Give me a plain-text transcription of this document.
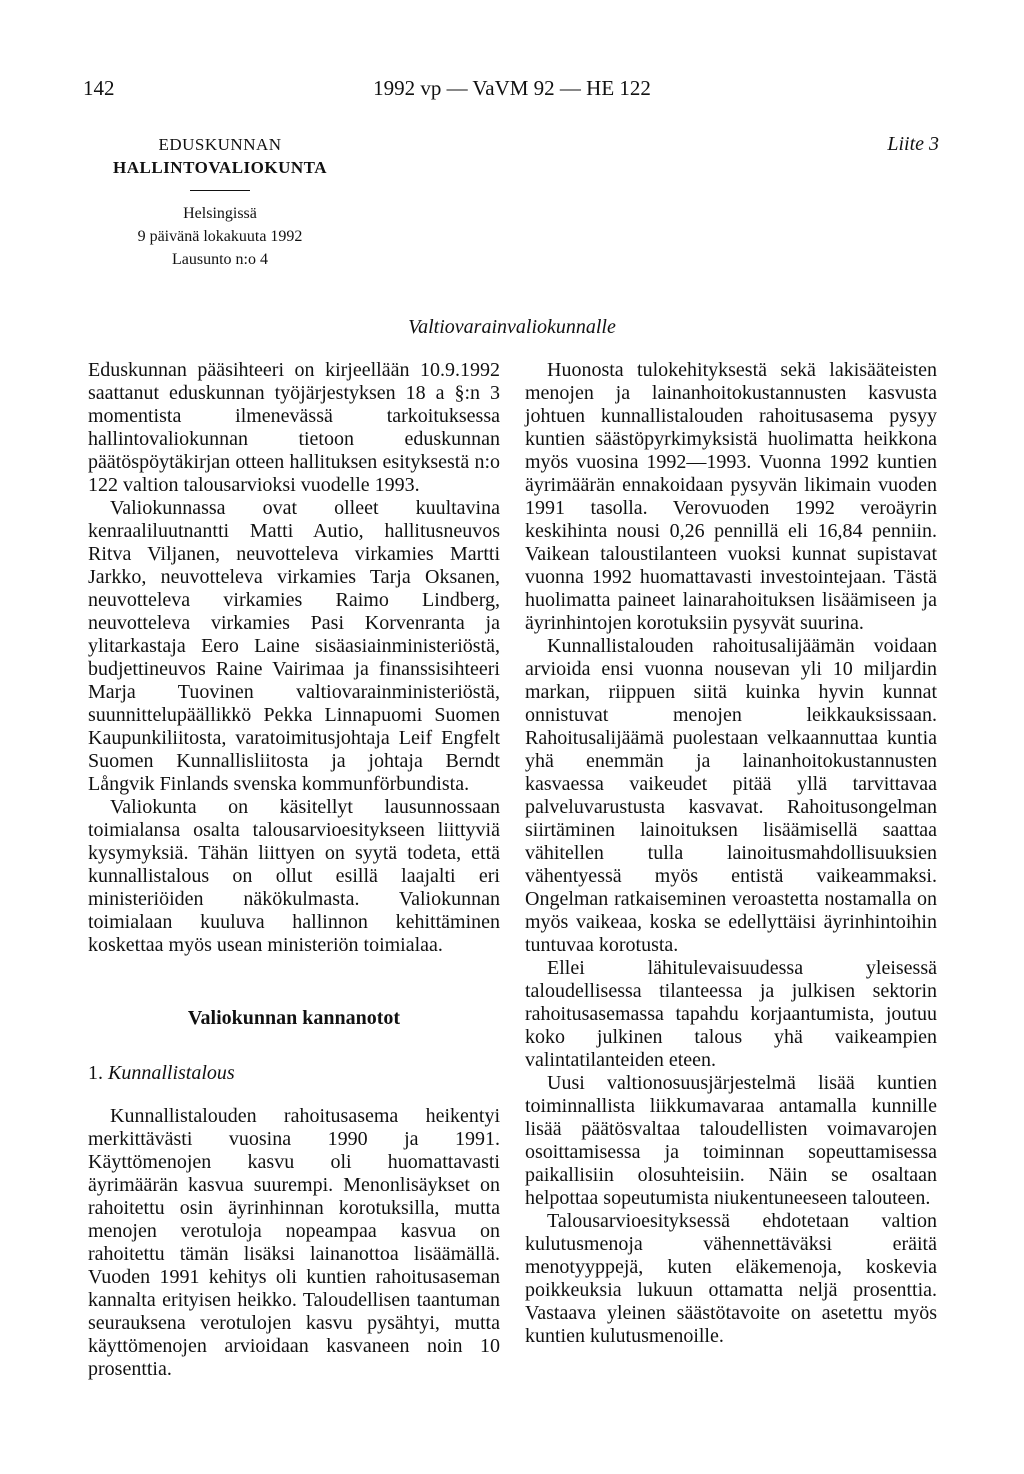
142	1992 vp — VaVM 92 — HE 122
EDUSKUNNAN
HALLINTOVALIOKUNTA
Helsingissä
9 päivänä lokakuuta 1992
Lausunto n:o 4
Liite 3
Valtiovarainvaliokunnalle

Eduskunnan pääsihteeri on kirjeellään 10.9.1992 saattanut eduskunnan työjärjestyksen 18 a §:n 3 momentista ilmenevässä tarkoituksessa hallintovaliokunnan tietoon eduskunnan päätöspöytäkirjan otteen hallituksen esityksestä n:o 122 valtion talousarvioksi vuodelle 1993.

Valiokunnassa ovat olleet kuultavina kenraaliluutnantti Matti Autio, hallitusneuvos Ritva Viljanen, neuvotteleva virkamies Martti Jarkko, neuvotteleva virkamies Tarja Oksanen, neuvotteleva virkamies Raimo Lindberg, neuvotteleva virkamies Pasi Korvenranta ja ylitarkastaja Eero Laine sisäasiainministeriöstä, budjettineuvos Raine Vairimaa ja finanssisihteeri Marja Tuovinen valtiovarainministeriöstä, suunnittelupäällikkö Pekka Linnapuomi Suomen Kaupunkiliitosta, varatoimitusjohtaja Leif Engfelt Suomen Kunnallisliitosta ja johtaja Berndt Långvik Finlands svenska kommunförbundista.

Valiokunta on käsitellyt lausunnossaan toimialansa osalta talousarvioesitykseen liittyviä kysymyksiä. Tähän liittyen on syytä todeta, että kunnallistalous on ollut esillä laajalti eri ministeriöiden näkökulmasta. Valiokunnan toimialaan kuuluva hallinnon kehittäminen koskettaa myös usean ministeriön toimialaa.

Valiokunnan kannanotot
1. Kunnallistalous

Kunnallistalouden rahoitusasema heikentyi merkittävästi vuosina 1990 ja 1991. Käyttömenojen kasvu oli huomattavasti äyrimäärän kasvua suurempi. Menonlisäykset on rahoitettu osin äyrinhinnan korotuksilla, mutta menojen verotuloja nopeampaa kasvua on rahoitettu tämän lisäksi lainanottoa lisäämällä. Vuoden 1991 kehitys oli kuntien rahoitusaseman kannalta erityisen heikko. Taloudellisen taantuman seurauksena verotulojen kasvu pysähtyi, mutta käyttömenojen arvioidaan kasvaneen noin 10 prosenttia.

Huonosta tulokehityksestä sekä lakisääteisten menojen ja lainanhoitokustannusten kasvusta johtuen kunnallistalouden rahoitusasema pysyy kuntien säästöpyrkimyksistä huolimatta heikkona myös vuosina 1992—1993. Vuonna 1992 kuntien äyrimäärän ennakoidaan pysyvän likimain vuoden 1991 tasolla. Verovuoden 1992 veroäyrin keskihinta nousi 0,26 pennillä eli 16,84 penniin. Vaikean taloustilanteen vuoksi kunnat supistavat vuonna 1992 huomattavasti investointejaan. Tästä huolimatta paineet lainarahoituksen lisäämiseen ja äyrinhintojen korotuksiin pysyvät suurina.

Kunnallistalouden rahoitusalijäämän voidaan arvioida ensi vuonna nousevan yli 10 miljardin markan, riippuen siitä kuinka hyvin kunnat onnistuvat menojen leikkauksissaan. Rahoitusalijäämä puolestaan velkaannuttaa kuntia yhä enemmän ja lainanhoitokustannusten kasvaessa vaikeudet pitää yllä tarvittavaa palveluvarustusta kasvavat. Rahoitusongelman siirtäminen lainoituksen lisäämisellä saattaa vähitellen tulla lainoitusmahdollisuuksien vähentyessä myös entistä vaikeammaksi. Ongelman ratkaiseminen veroastetta nostamalla on myös vaikeaa, koska se edellyttäisi äyrinhintoihin tuntuvaa korotusta.

Ellei lähitulevaisuudessa yleisessä taloudellisessa tilanteessa ja julkisen sektorin rahoitusasemassa tapahdu korjaantumista, joutuu koko julkinen talous yhä vaikeampien valintatilanteiden eteen.

Uusi valtionosuusjärjestelmä lisää kuntien toiminnallista liikkumavaraa antamalla kunnille lisää päätösvaltaa taloudellisten voimavarojen osoittamisessa ja toiminnan sopeuttamisessa paikallisiin olosuhteisiin. Näin se osaltaan helpottaa sopeutumista niukentuneeseen talouteen.

Talousarvioesityksessä ehdotetaan valtion kulutusmenoja vähennettäväksi eräitä menotyyppejä, kuten eläkemenoja, koskevia poikkeuksia lukuun ottamatta neljä prosenttia. Vastaava yleinen säästötavoite on asetettu myös kuntien kulutusmenoille.
